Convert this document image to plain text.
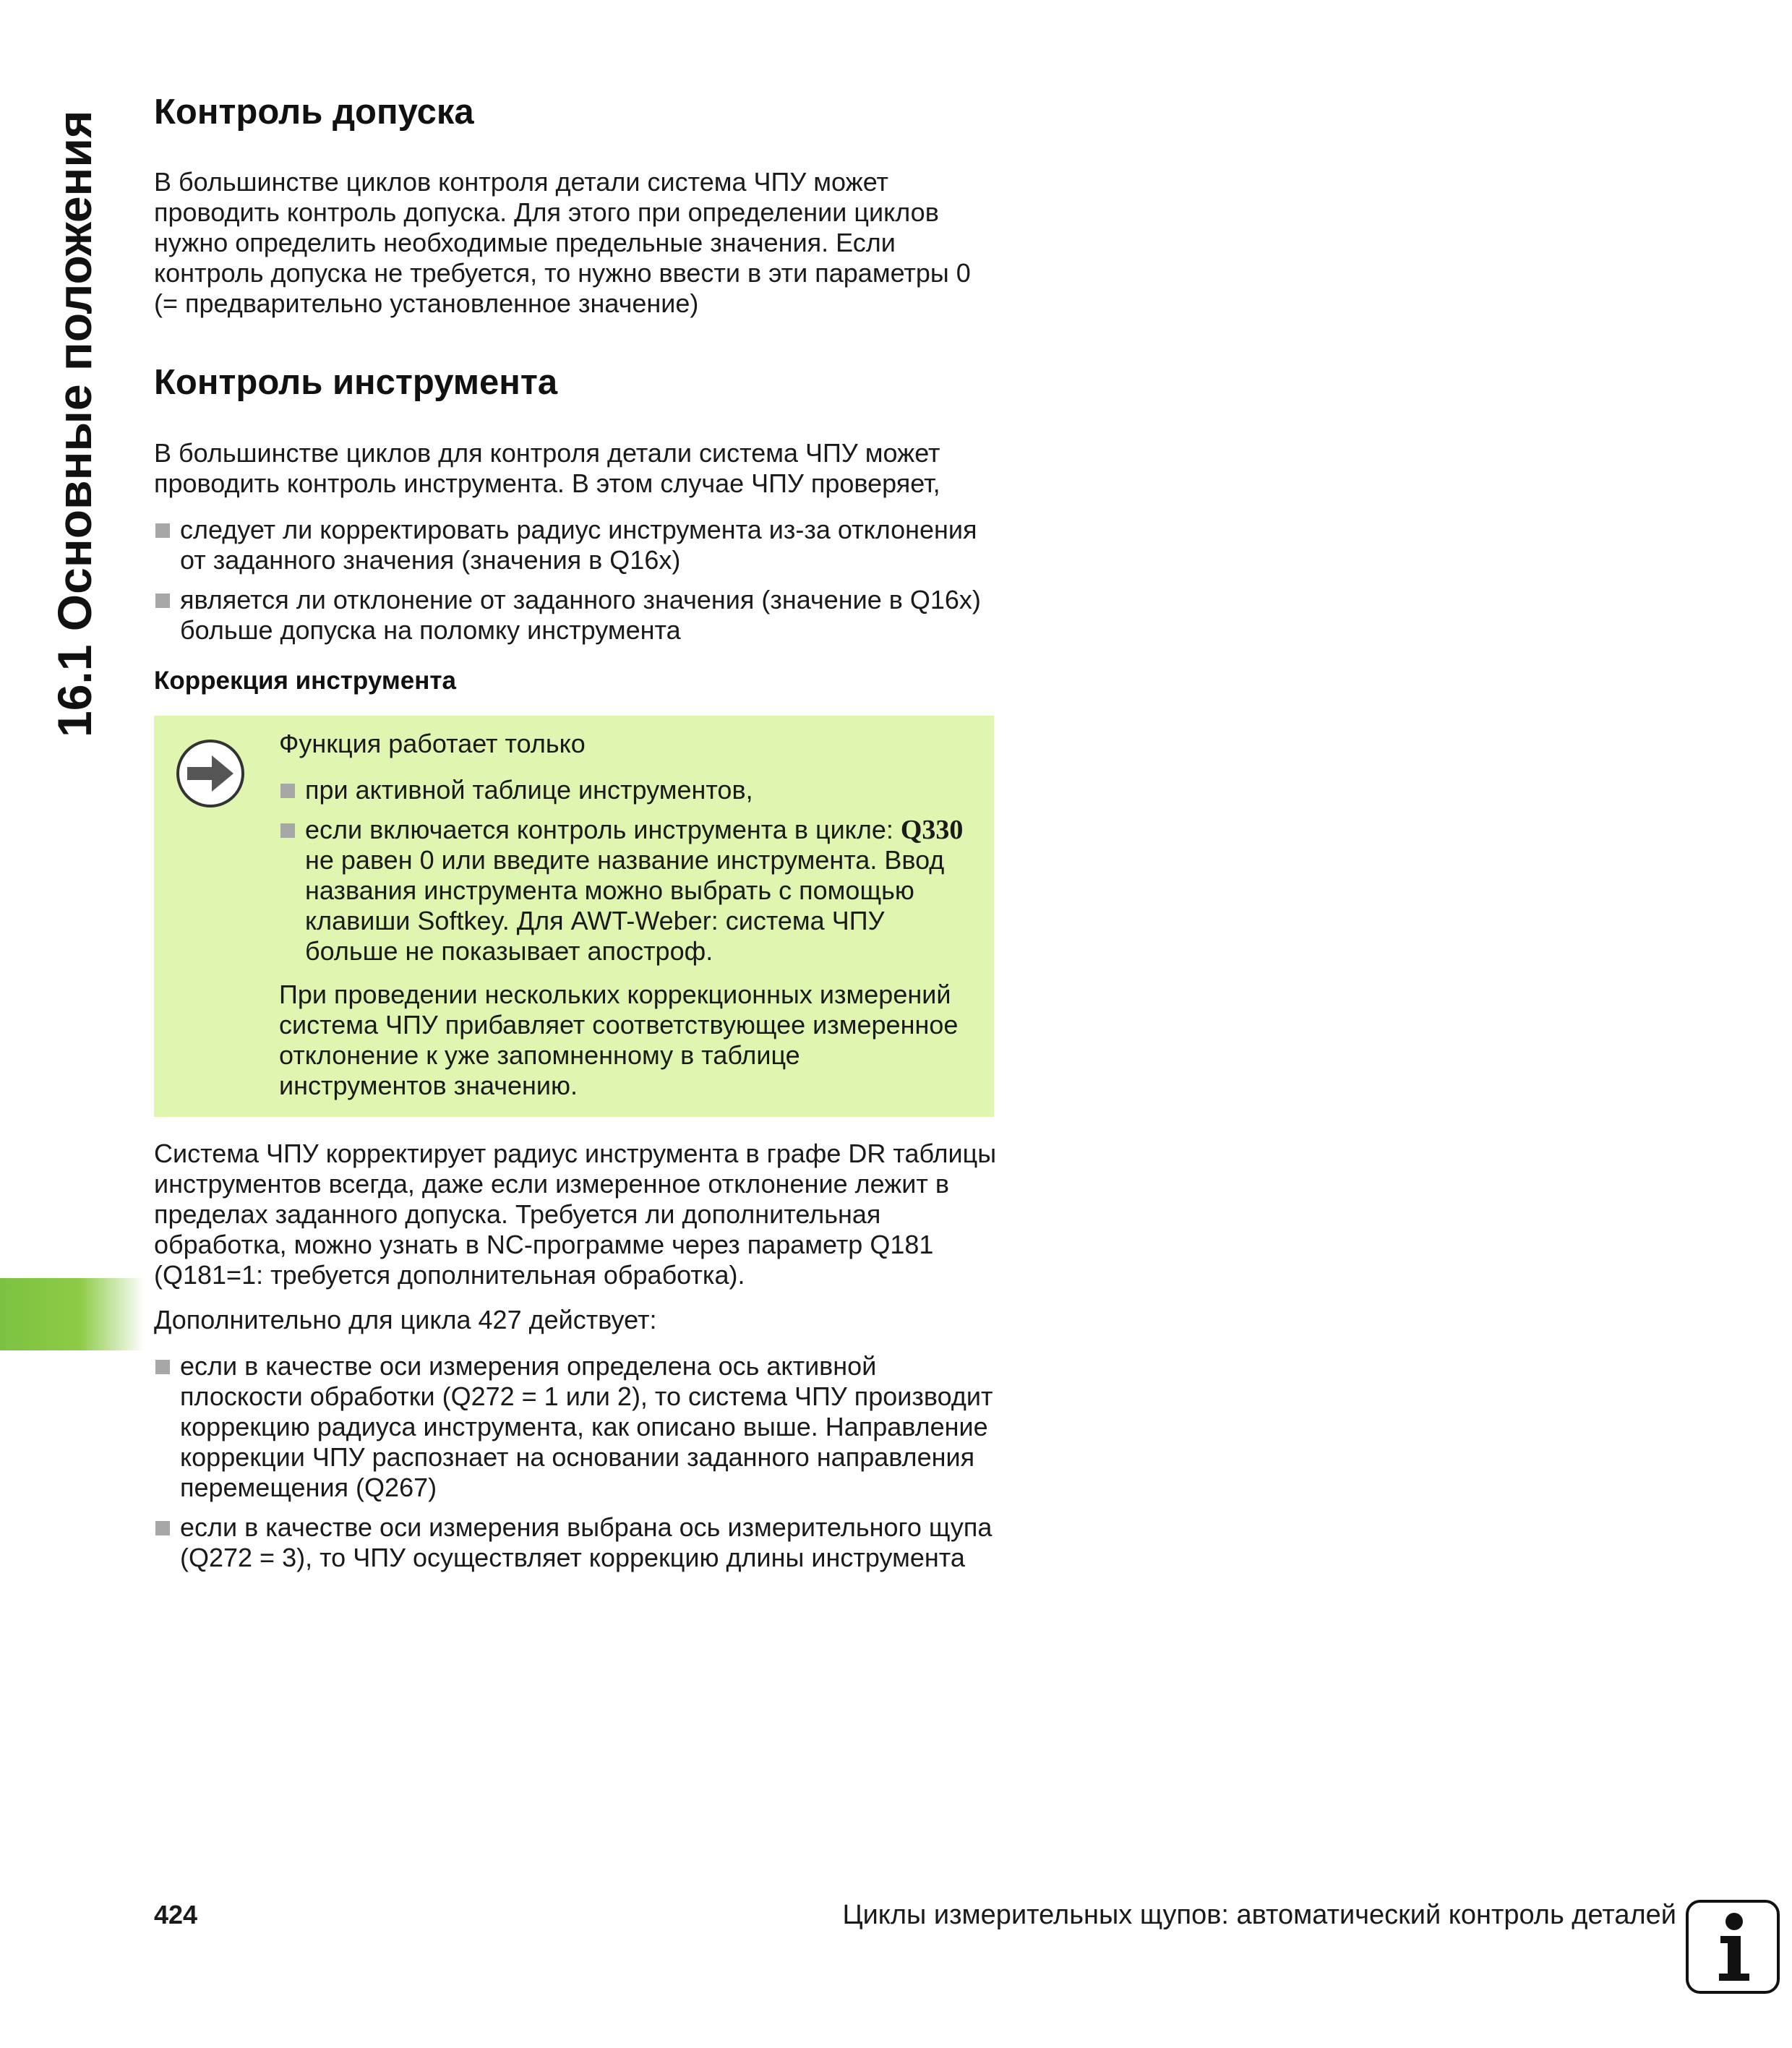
16.1 Основные положения Контроль допуска

В большинстве циклов контроля детали система ЧПУ может проводить контроль допуска. Для этого при определении циклов нужно определить необходимые предельные значения. Если контроль допуска не требуется, то нужно ввести в эти параметры 0 (= предварительно установленное значение)

Контроль инструмента

В большинстве циклов для контроля детали система ЧПУ может проводить контроль инструмента. В этом случае ЧПУ проверяет,

следует ли корректировать радиус инструмента из-за отклонения от заданного значения (значения в Q16x)
является ли отклонение от заданного значения (значение в Q16x) больше допуска на поломку инструмента
Коррекция инструмента

Функция работает только

при активной таблице инструментов,
если включается контроль инструмента в цикле: Q330 не равен 0 или введите название инструмента. Ввод названия инструмента можно выбрать с помощью клавиши Softkey. Для AWT-Weber: система ЧПУ больше не показывает апостроф.

При проведении нескольких коррекционных измерений система ЧПУ прибавляет соответствующее измеренное отклонение к уже запомненному в таблице инструментов значению.

Система ЧПУ корректирует радиус инструмента в графе DR таблицы инструментов всегда, даже если измеренное отклонение лежит в пределах заданного допуска. Требуется ли дополнительная обработка, можно узнать в NC-программе через параметр Q181 (Q181=1: требуется дополнительная обработка).

Дополнительно для цикла 427 действует:

если в качестве оси измерения определена ось активной плоскости обработки (Q272 = 1 или 2), то система ЧПУ производит коррекцию радиуса инструмента, как описано выше. Направление коррекции ЧПУ распознает на основании заданного направления перемещения (Q267)
если в качестве оси измерения выбрана ось измерительного щупа (Q272 = 3), то ЧПУ осуществляет коррекцию длины инструмента
424	Циклы измерительных щупов: автоматический контроль деталей
